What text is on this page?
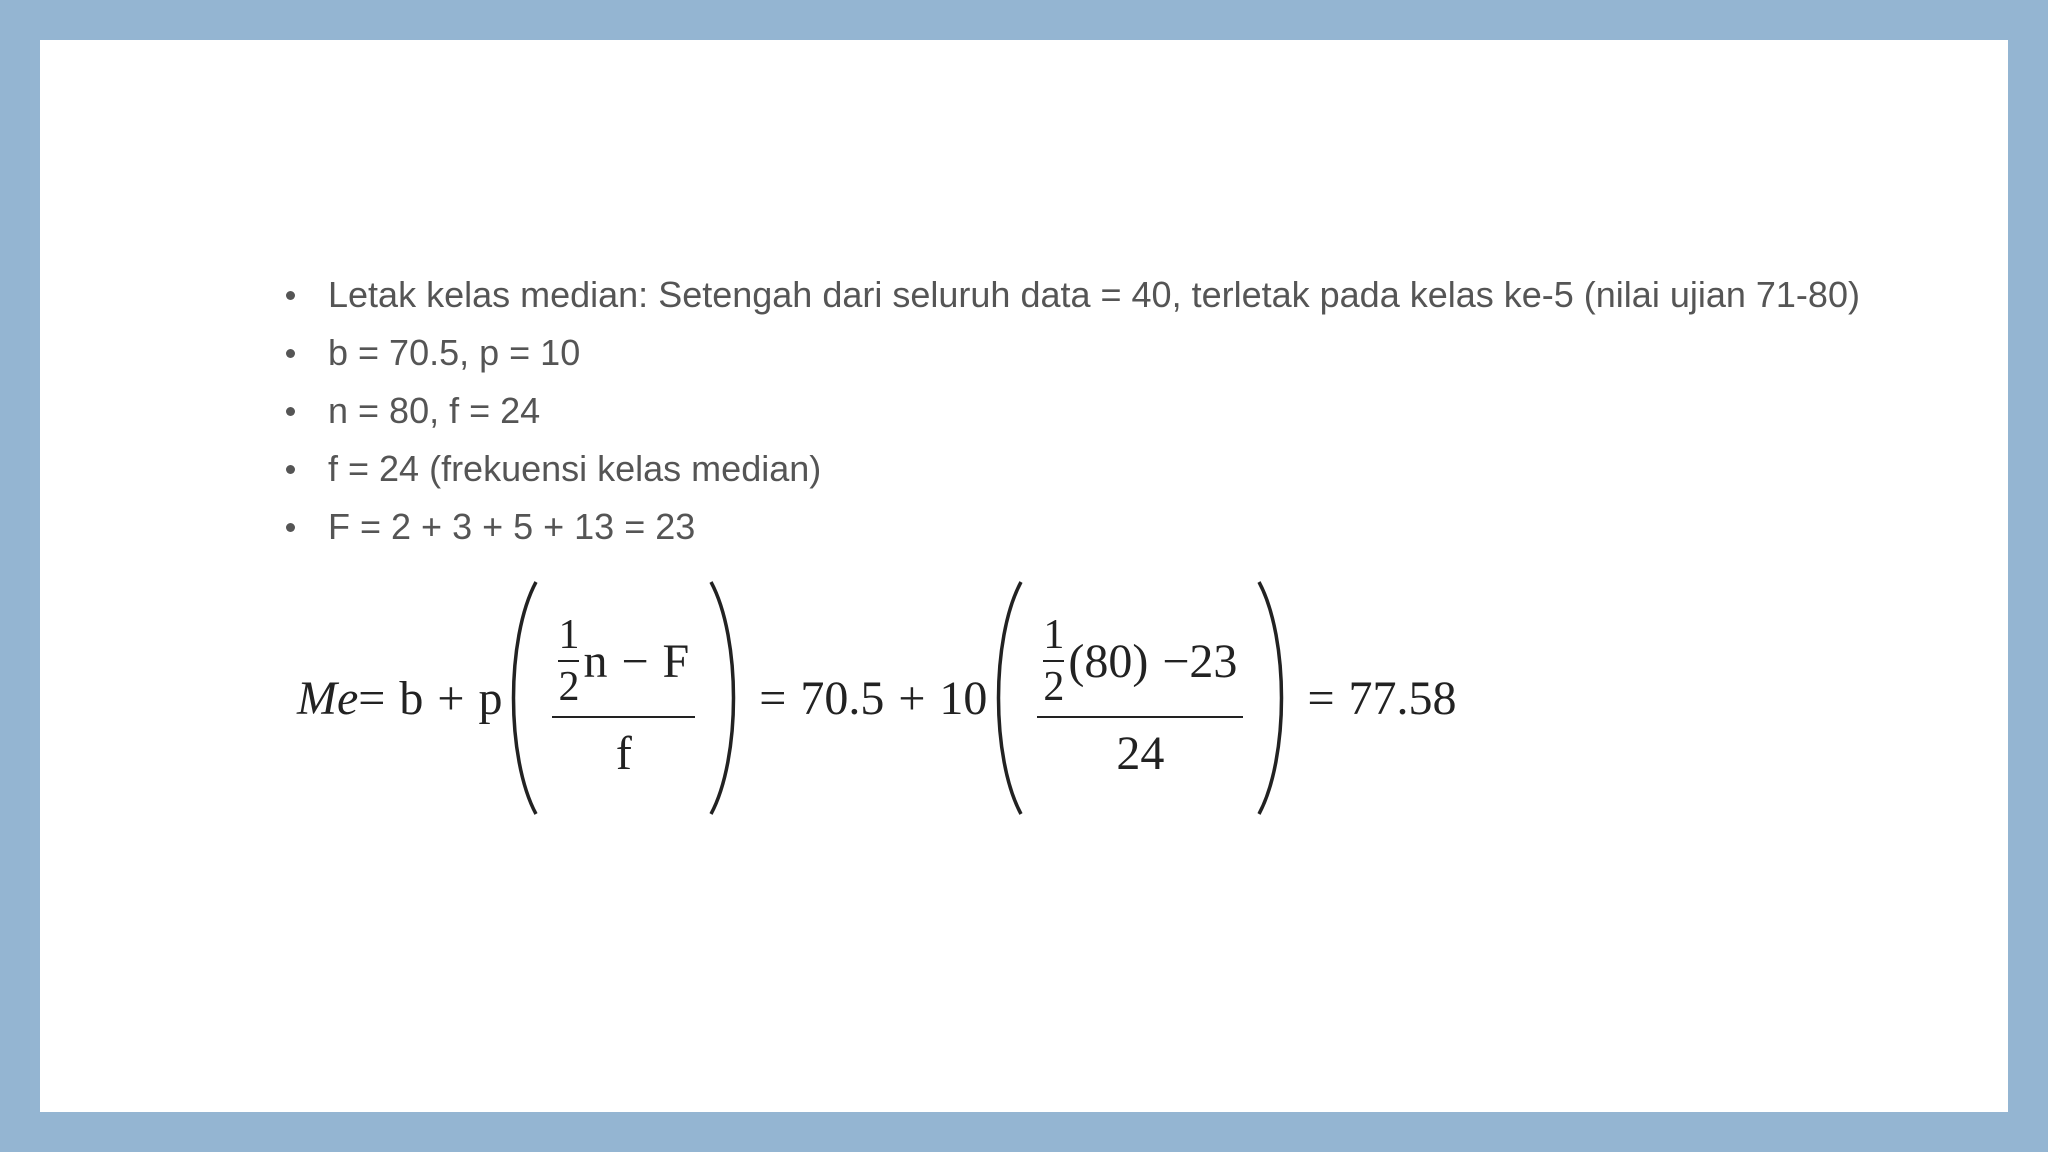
Letak kelas median: Setengah dari seluruh data = 40, terletak pada kelas ke-5 (nilai ujian 71-80)
b = 70.5, p = 10
n = 80, f = 24
f = 24 (frekuensi kelas median)
F = 2 + 3 + 5 + 13 = 23
Me = b + p $\frac{1}{2}$ n − F
f
= $70.5 + 10 \frac{1}{2} (80) -23$
24
= 77.58
